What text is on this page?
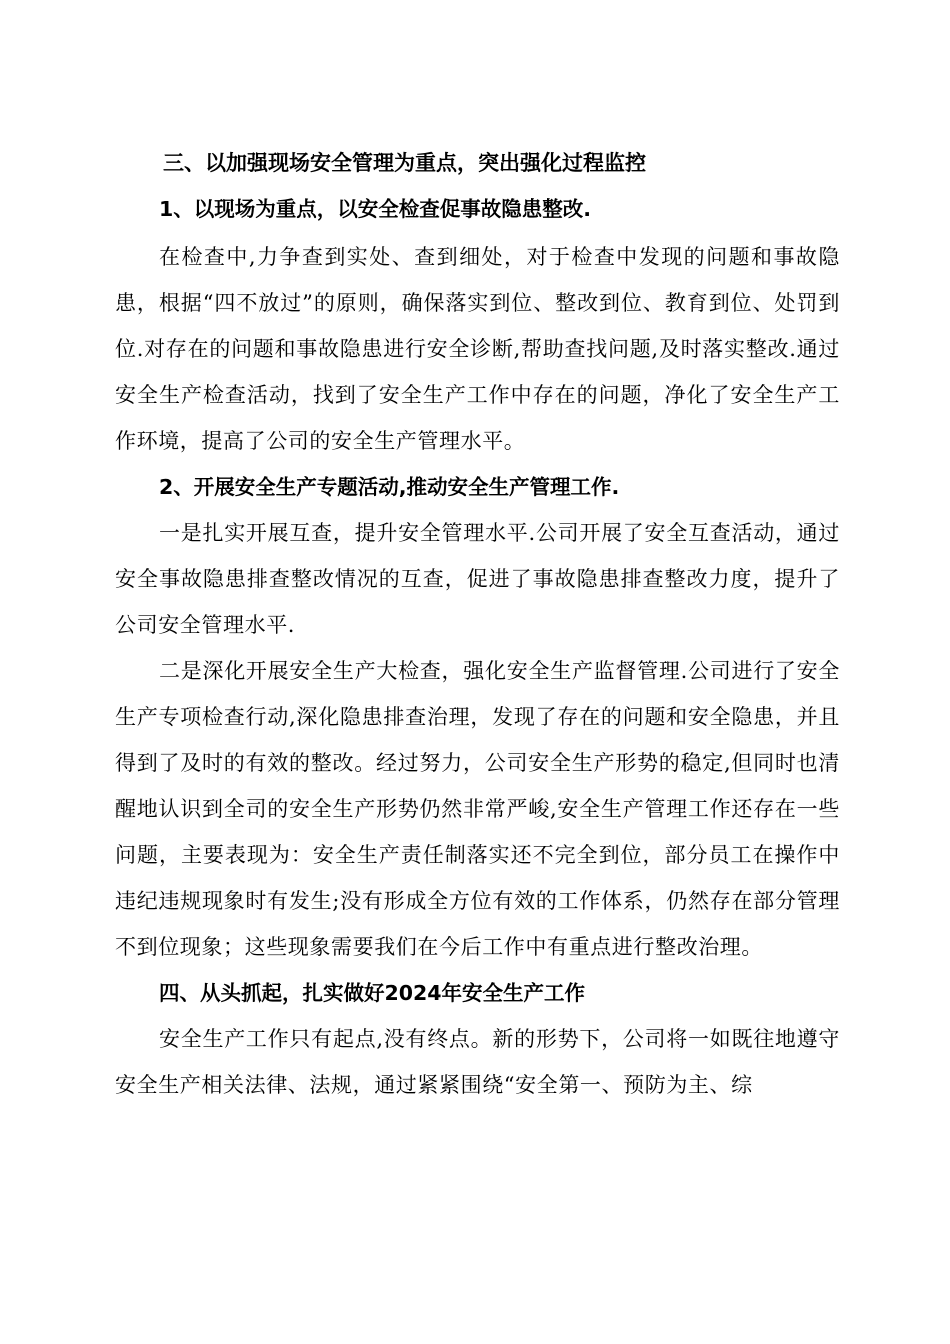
三、以加强现场安全管理为重点，突出强化过程监控
1、以现场为重点，以安全检查促事故隐患整改.

在检查中,力争查到实处、查到细处，对于检查中发现的问题和事故隐患，根据“四不放过”的原则，确保落实到位、整改到位、教育到位、处罚到位.对存在的问题和事故隐患进行安全诊断,帮助查找问题,及时落实整改.通过安全生产检查活动，找到了安全生产工作中存在的问题，净化了安全生产工作环境，提高了公司的安全生产管理水平。

2、开展安全生产专题活动,推动安全生产管理工作.

一是扎实开展互查，提升安全管理水平.公司开展了安全互查活动，通过安全事故隐患排查整改情况的互查，促进了事故隐患排查整改力度，提升了公司安全管理水平.

二是深化开展安全生产大检查，强化安全生产监督管理.公司进行了安全生产专项检查行动,深化隐患排查治理，发现了存在的问题和安全隐患，并且得到了及时的有效的整改。经过努力，公司安全生产形势的稳定,但同时也清醒地认识到全司的安全生产形势仍然非常严峻,安全生产管理工作还存在一些问题，主要表现为：安全生产责任制落实还不完全到位，部分员工在操作中违纪违规现象时有发生;没有形成全方位有效的工作体系，仍然存在部分管理不到位现象；这些现象需要我们在今后工作中有重点进行整改治理。

四、从头抓起，扎实做好2024年安全生产工作

安全生产工作只有起点,没有终点。新的形势下，公司将一如既往地遵守安全生产相关法律、法规，通过紧紧围绕“安全第一、预防为主、综
